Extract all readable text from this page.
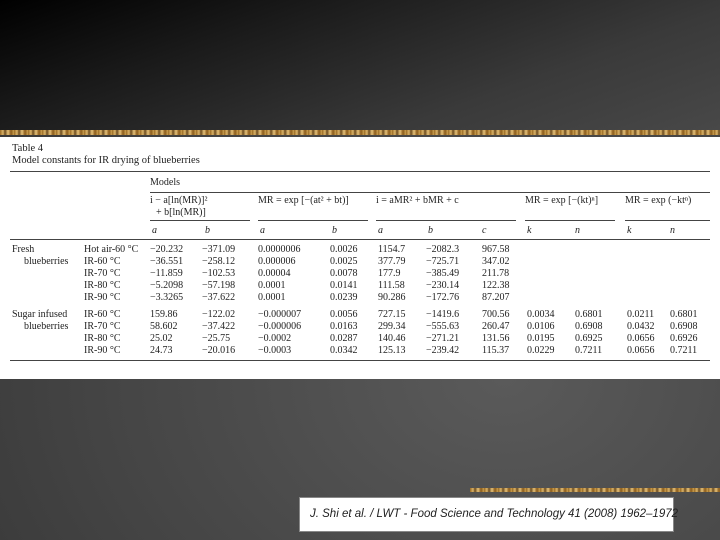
Table 4
Model constants for IR drying of blueberries
Models
i − a[ln(MR)]²
+ b[ln(MR)]
MR = exp [−(at² + bt)]	i = aMR² + bMR + c	MR = exp [−(kt)ⁿ]	MR = exp (−ktⁿ)
a	b	a	b	a	b	c	k	n	k	n
Fresh
blueberries
Hot air-60 °C −20.232 −371.09 0.0000006	0.0026 1154.7 −2082.3 967.58
IR-60 °C	−36.551 −258.12 0.000006	0.0025 377.79 −725.71 347.02
IR-70 °C	−11.859 −102.53 0.00004	0.0078 177.9	−385.49 211.78
IR-80 °C	−5.2098 −57.198 0.0001	0.0141 111.58 −230.14 122.38
IR-90 °C	−3.3265 −37.622 0.0001	0.0239 90.286 −172.76 87.207
Sugar infused
blueberries
IR-60 °C	159.86 −122.02 −0.000007	0.0056 727.15 −1419.6 700.56 0.0034 0.6801 0.0211 0.6801
IR-70 °C	58.602 −37.422 −0.000006	0.0163 299.34 −555.63 260.47 0.0106 0.6908 0.0432 0.6908
IR-80 °C	25.02	−25.75	−0.0002	0.0287 140.46 −271.21 131.56 0.0195 0.6925 0.0656 0.6926
IR-90 °C	24.73	−20.016 −0.0003	0.0342 125.13 −239.42 115.37 0.0229 0.7211 0.0656 0.7211
J. Shi et al. / LWT - Food Science and Technology 41 (2008) 1962–1972
